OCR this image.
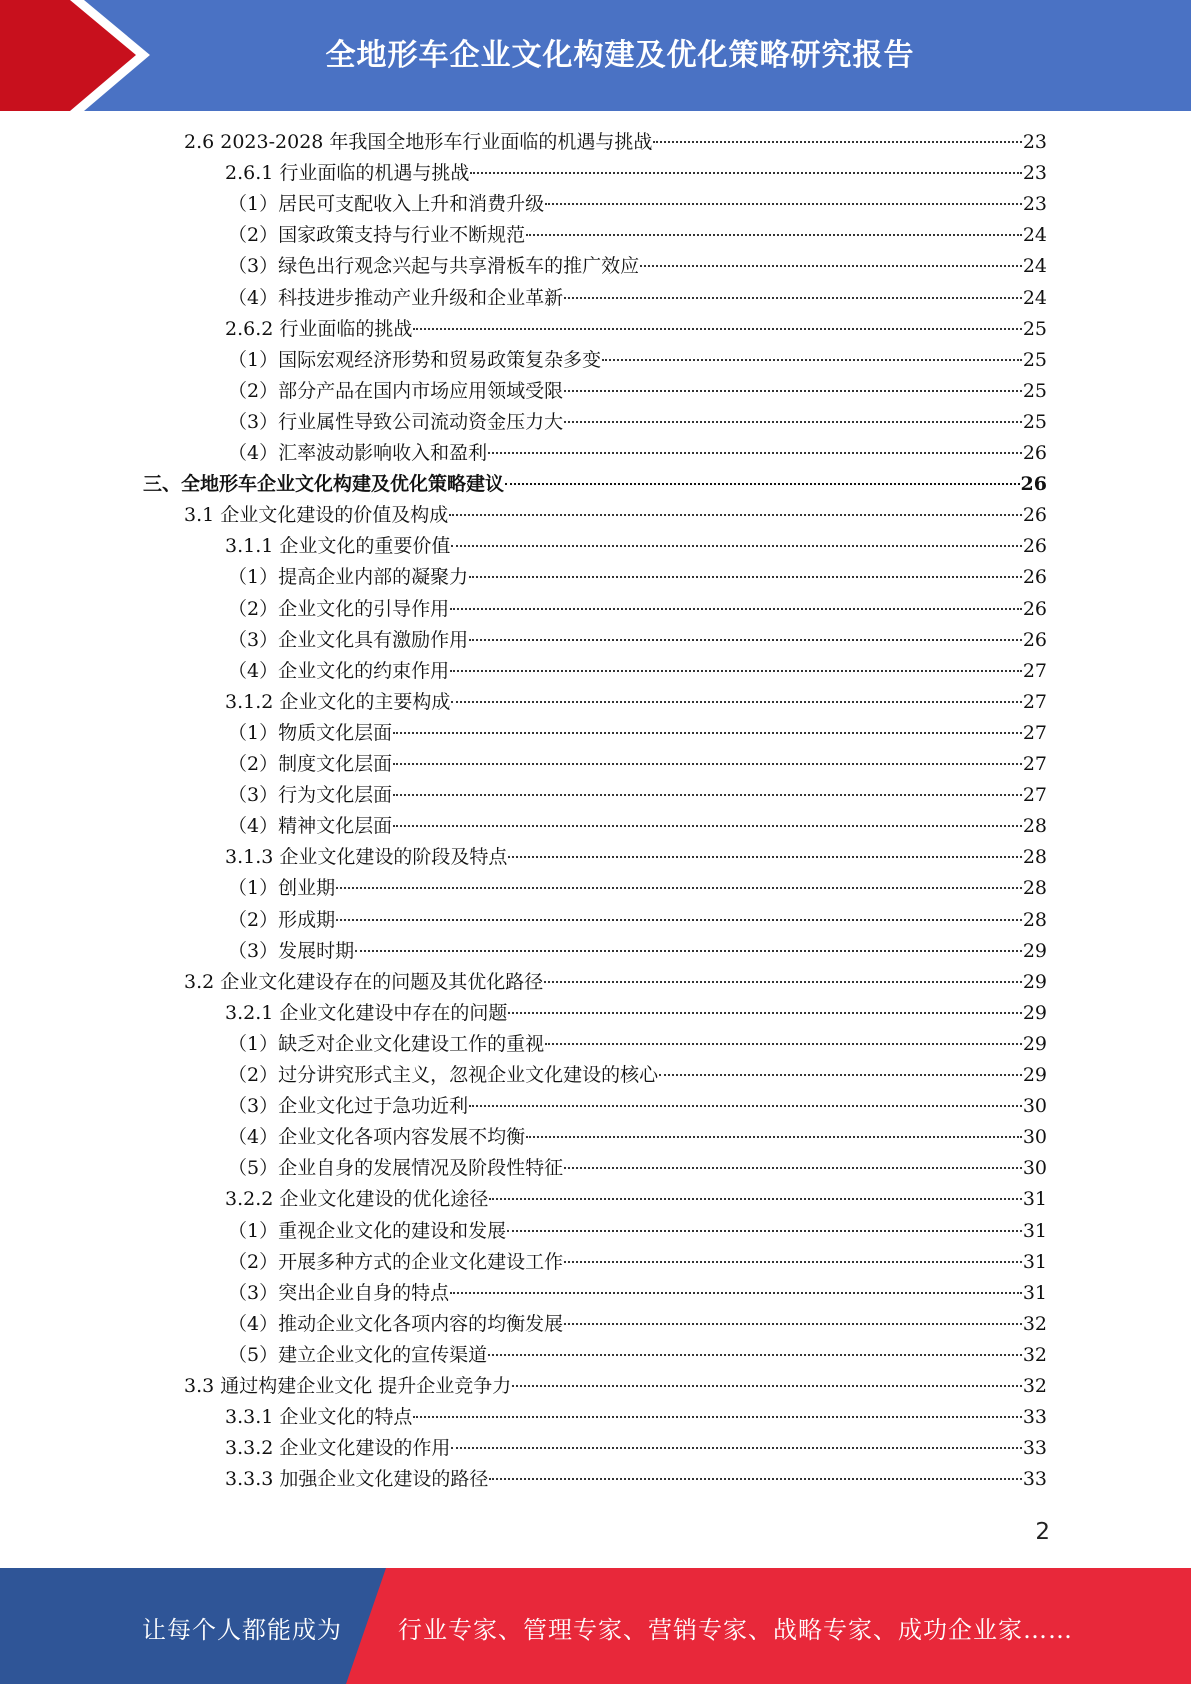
全地形车企业文化构建及优化策略研究报告
2.6 2023-2028 年我国全地形车行业面临的机遇与挑战	23
2.6.1 行业面临的机遇与挑战	23
（1）居民可支配收入上升和消费升级	23
（2）国家政策支持与行业不断规范	24
（3）绿色出行观念兴起与共享滑板车的推广效应	24
（4）科技进步推动产业升级和企业革新	24
2.6.2 行业面临的挑战	25
（1）国际宏观经济形势和贸易政策复杂多变	25
（2）部分产品在国内市场应用领域受限	25
（3）行业属性导致公司流动资金压力大	25
（4）汇率波动影响收入和盈利	26
三、全地形车企业文化构建及优化策略建议	26
3.1 企业文化建设的价值及构成	26
3.1.1 企业文化的重要价值	26
（1）提高企业内部的凝聚力	26
（2）企业文化的引导作用	26
（3）企业文化具有激励作用	26
（4）企业文化的约束作用	27
3.1.2 企业文化的主要构成	27
（1）物质文化层面	27
（2）制度文化层面	27
（3）行为文化层面	27
（4）精神文化层面	28
3.1.3 企业文化建设的阶段及特点	28
（1）创业期	28
（2）形成期	28
（3）发展时期	29
3.2 企业文化建设存在的问题及其优化路径	29
3.2.1 企业文化建设中存在的问题	29
（1）缺乏对企业文化建设工作的重视	29
（2）过分讲究形式主义，忽视企业文化建设的核心	29
（3）企业文化过于急功近利	30
（4）企业文化各项内容发展不均衡	30
（5）企业自身的发展情况及阶段性特征	30
3.2.2 企业文化建设的优化途径	31
（1）重视企业文化的建设和发展	31
（2）开展多种方式的企业文化建设工作	31
（3）突出企业自身的特点	31
（4）推动企业文化各项内容的均衡发展	32
（5）建立企业文化的宣传渠道	32
3.3 通过构建企业文化 提升企业竞争力	32
3.3.1 企业文化的特点	33
3.3.2 企业文化建设的作用	33
3.3.3 加强企业文化建设的路径	33
2
让每个人都能成为 行业专家、管理专家、营销专家、战略专家、成功企业家……
